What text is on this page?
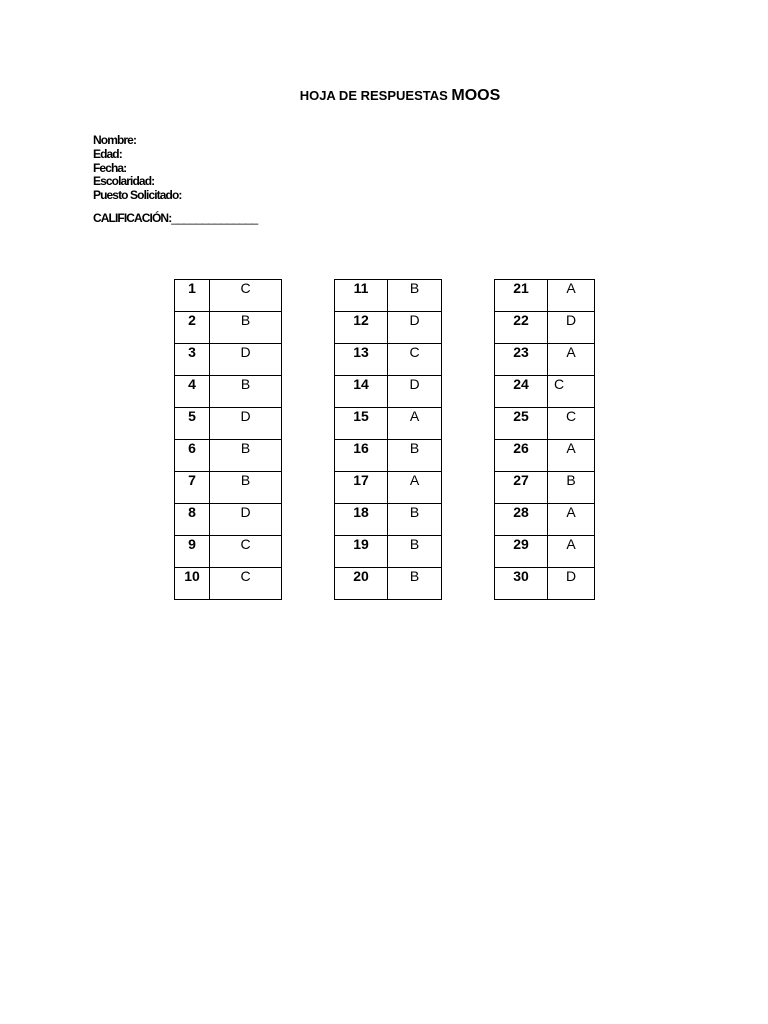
HOJA DE RESPUESTAS MOOS
Nombre:
Edad:
Fecha:
Escolaridad:
Puesto Solicitado:
CALIFICACIÓN:______________
1	C
2	B
3	D
4	B
5	D
6	B
7	B
8	D
9	C
10	C
11	B
12	D
13	C
14	D
15	A
16	B
17	A
18	B
19	B
20	B
21	A
22	D
23	A
24	C
25	C
26	A
27	B
28	A
29	A
30	D
